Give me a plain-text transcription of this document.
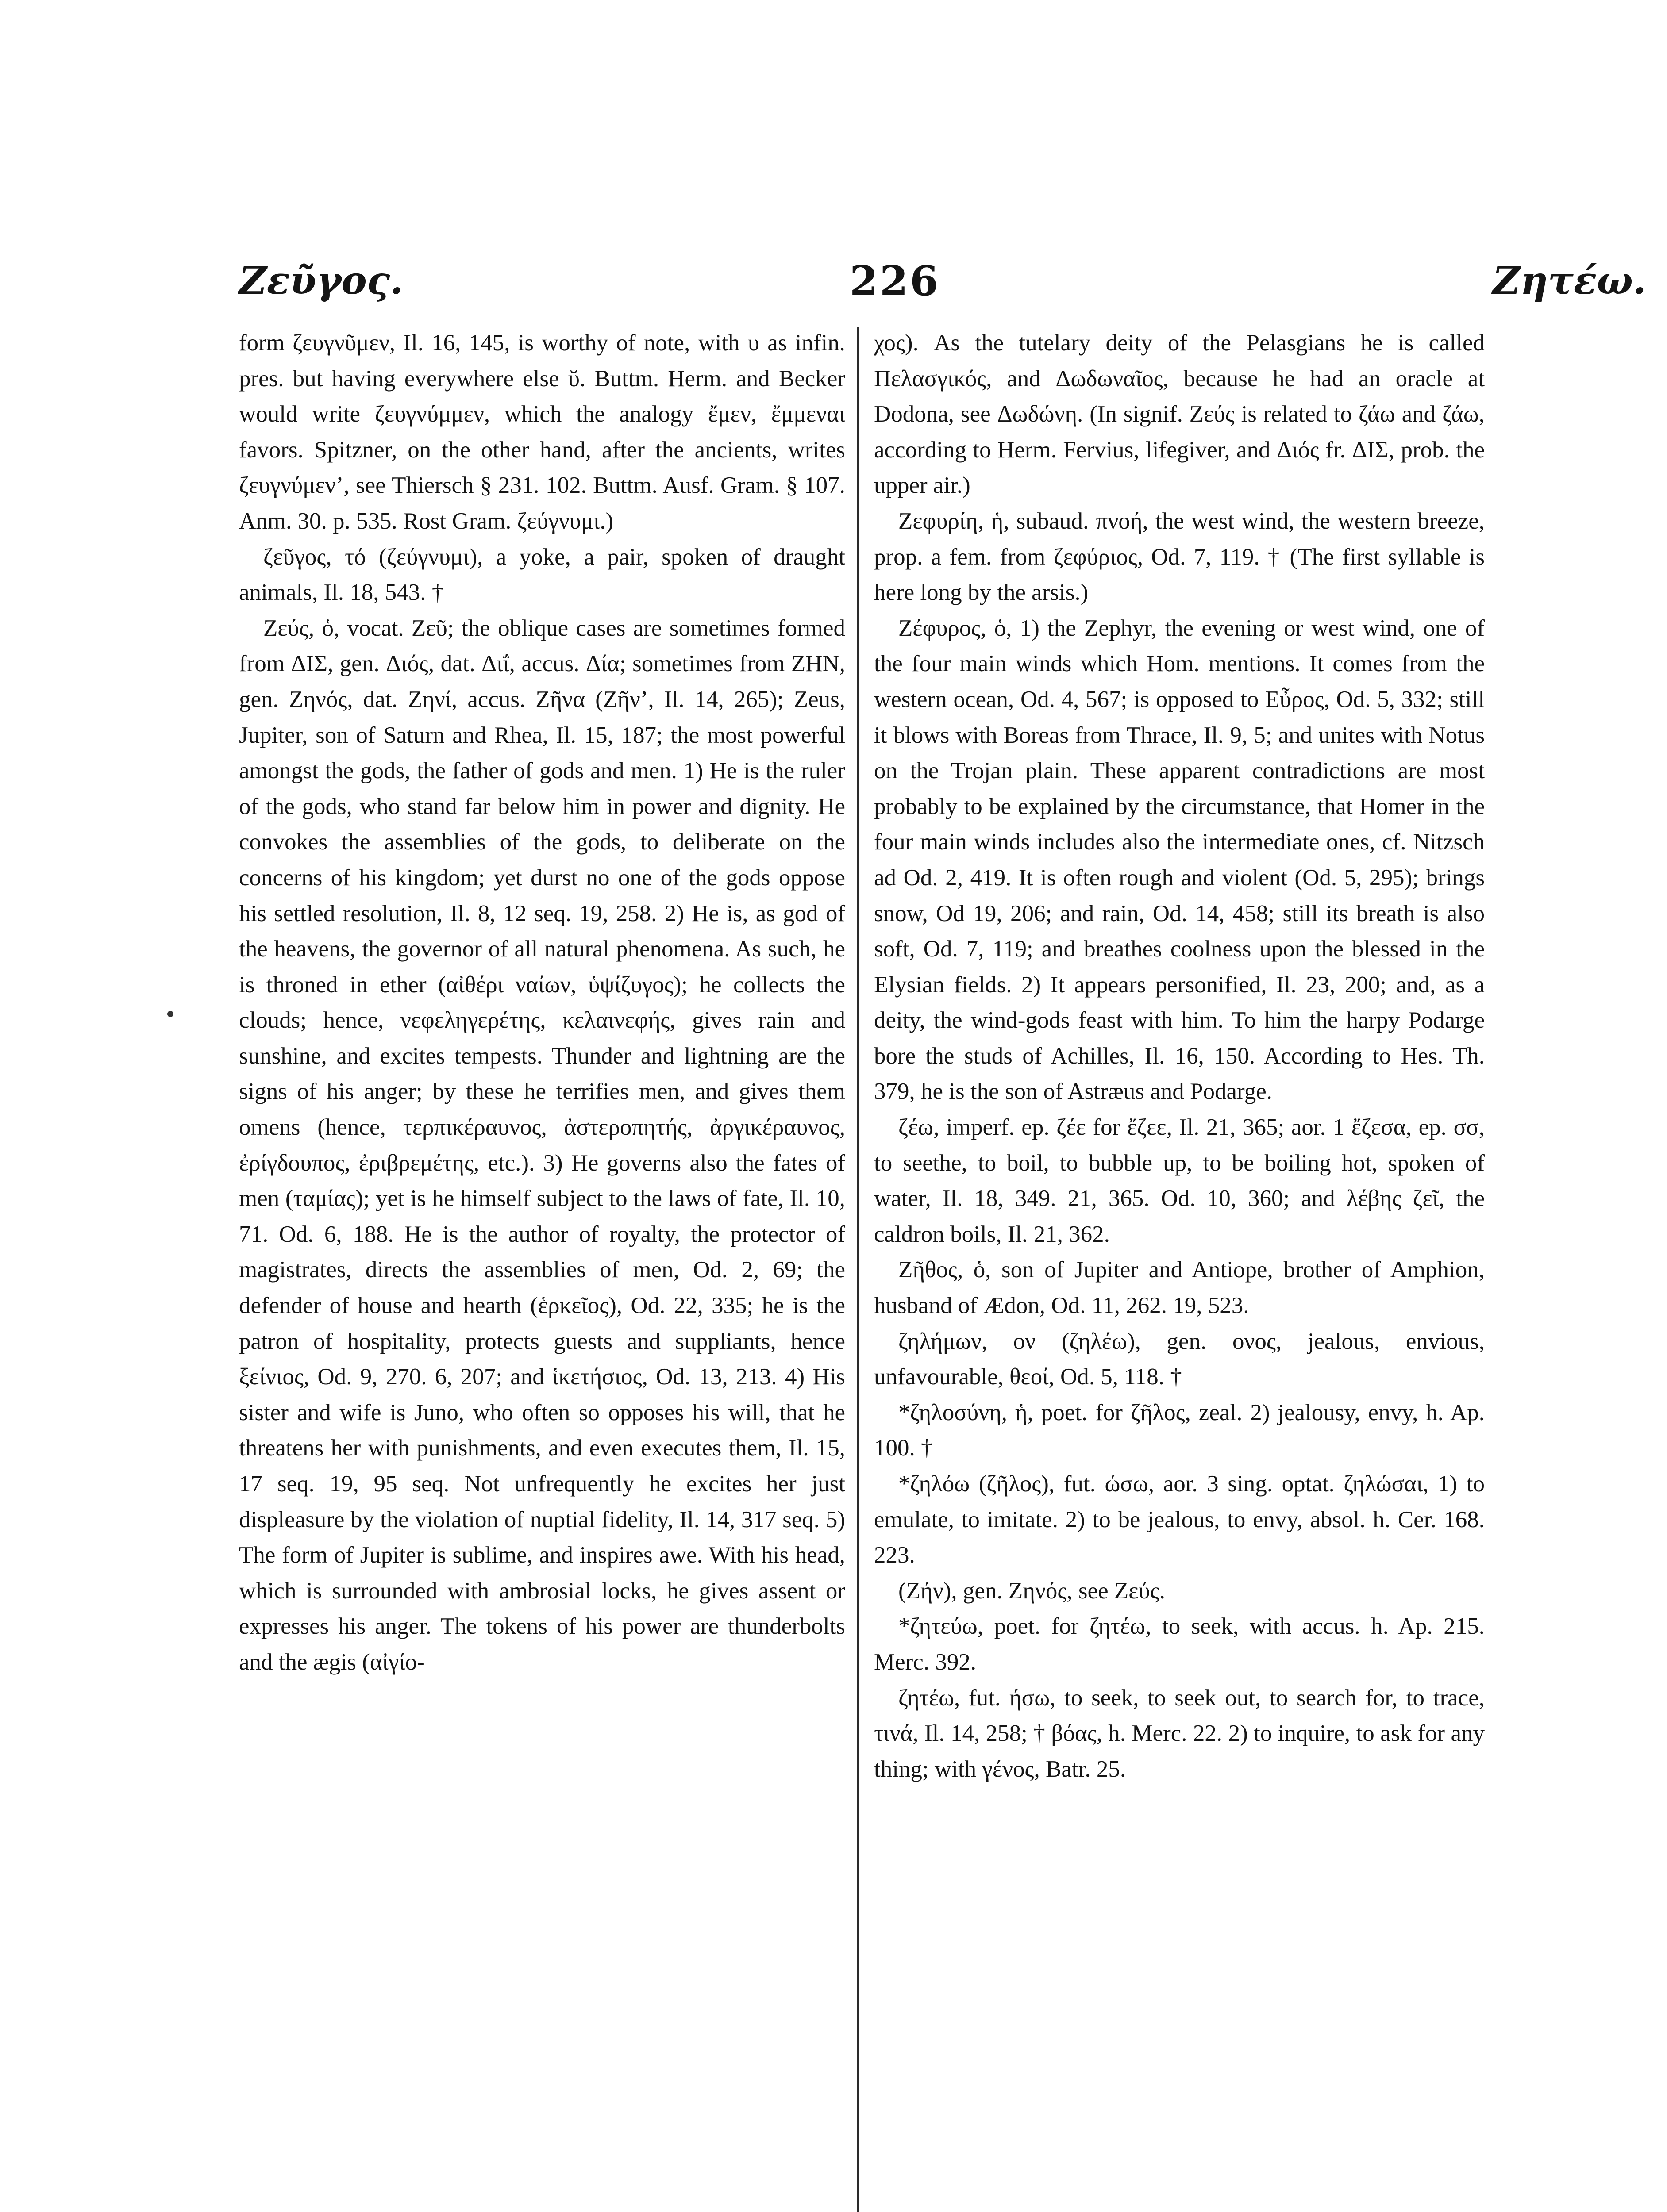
Ζεῦγος.	226	Ζητέω.

form ζευγνῦμεν, Il. 16, 145, is worthy of note, with υ as infin. pres. but having everywhere else ῠ. Buttm. Herm. and Becker would write ζευγνύμμεν, which the analogy ἔμεν, ἔμμεναι favors. Spitzner, on the other hand, after the ancients, writes ζευγνύμεν’, see Thiersch § 231. 102. Buttm. Ausf. Gram. § 107. Anm. 30. p. 535. Rost Gram. ζεύγνυμι.)

ζεῦγος, τό (ζεύγνυμι), a yoke, a pair, spoken of draught animals, Il. 18, 543. †

Ζεύς, ὁ, vocat. Ζεῦ; the oblique cases are sometimes formed from ΔΙΣ, gen. Διός, dat. Διΐ, accus. Δία; sometimes from ΖΗΝ, gen. Ζηνός, dat. Ζηνί, accus. Ζῆνα (Ζῆν’, Il. 14, 265); Zeus, Jupiter, son of Saturn and Rhea, Il. 15, 187; the most powerful amongst the gods, the father of gods and men. 1) He is the ruler of the gods, who stand far below him in power and dignity. He convokes the assemblies of the gods, to deliberate on the concerns of his kingdom; yet durst no one of the gods oppose his settled resolution, Il. 8, 12 seq. 19, 258. 2) He is, as god of the heavens, the governor of all natural phenomena. As such, he is throned in ether (αἰθέρι ναίων, ὑψίζυγος); he collects the clouds; hence, νεφεληγερέτης, κελαινεφής, gives rain and sunshine, and excites tempests. Thunder and lightning are the signs of his anger; by these he terrifies men, and gives them omens (hence, τερπικέραυνος, ἀστεροπητής, ἀργικέραυνος, ἐρίγδουπος, ἐριβρεμέτης, etc.). 3) He governs also the fates of men (ταμίας); yet is he himself subject to the laws of fate, Il. 10, 71. Od. 6, 188. He is the author of royalty, the protector of magistrates, directs the assemblies of men, Od. 2, 69; the defender of house and hearth (ἑρκεῖος), Od. 22, 335; he is the patron of hospitality, protects guests and suppliants, hence ξείνιος, Od. 9, 270. 6, 207; and ἱκετήσιος, Od. 13, 213. 4) His sister and wife is Juno, who often so opposes his will, that he threatens her with punishments, and even executes them, Il. 15, 17 seq. 19, 95 seq. Not unfrequently he excites her just displeasure by the violation of nuptial fidelity, Il. 14, 317 seq. 5) The form of Jupiter is sublime, and inspires awe. With his head, which is surrounded with ambrosial locks, he gives assent or expresses his anger. The tokens of his power are thunderbolts and the ægis (αἰγίο-

χος). As the tutelary deity of the Pelasgians he is called Πελασγικός, and Δωδωναῖος, because he had an oracle at Dodona, see Δωδώνη. (In signif. Ζεύς is related to ζάω and ζάω, according to Herm. Fervius, lifegiver, and Διός fr. ΔΙΣ, prob. the upper air.)

Ζεφυρίη, ἡ, subaud. πνοή, the west wind, the western breeze, prop. a fem. from ζεφύριος, Od. 7, 119. † (The first syllable is here long by the arsis.)

Ζέφυρος, ὁ, 1) the Zephyr, the evening or west wind, one of the four main winds which Hom. mentions. It comes from the western ocean, Od. 4, 567; is opposed to Εὖρος, Od. 5, 332; still it blows with Boreas from Thrace, Il. 9, 5; and unites with Notus on the Trojan plain. These apparent contradictions are most probably to be explained by the circumstance, that Homer in the four main winds includes also the intermediate ones, cf. Nitzsch ad Od. 2, 419. It is often rough and violent (Od. 5, 295); brings snow, Od 19, 206; and rain, Od. 14, 458; still its breath is also soft, Od. 7, 119; and breathes coolness upon the blessed in the Elysian fields. 2) It appears personified, Il. 23, 200; and, as a deity, the wind-gods feast with him. To him the harpy Podarge bore the studs of Achilles, Il. 16, 150. According to Hes. Th. 379, he is the son of Astræus and Podarge.

ζέω, imperf. ep. ζέε for ἔζεε, Il. 21, 365; aor. 1 ἔζεσα, ep. σσ, to seethe, to boil, to bubble up, to be boiling hot, spoken of water, Il. 18, 349. 21, 365. Od. 10, 360; and λέβης ζεῖ, the caldron boils, Il. 21, 362.

Ζῆθος, ὁ, son of Jupiter and Antiope, brother of Amphion, husband of Ædon, Od. 11, 262. 19, 523.

ζηλήμων, ον (ζηλέω), gen. ονος, jealous, envious, unfavourable, θεοί, Od. 5, 118. †

*ζηλοσύνη, ἡ, poet. for ζῆλος, zeal. 2) jealousy, envy, h. Ap. 100. †

*ζηλόω (ζῆλος), fut. ώσω, aor. 3 sing. optat. ζηλώσαι, 1) to emulate, to imitate. 2) to be jealous, to envy, absol. h. Cer. 168. 223.

(Ζήν), gen. Ζηνός, see Ζεύς.

*ζητεύω, poet. for ζητέω, to seek, with accus. h. Ap. 215. Merc. 392.

ζητέω, fut. ήσω, to seek, to seek out, to search for, to trace, τινά, Il. 14, 258; † βόας, h. Merc. 22. 2) to inquire, to ask for any thing; with γένος, Batr. 25.
